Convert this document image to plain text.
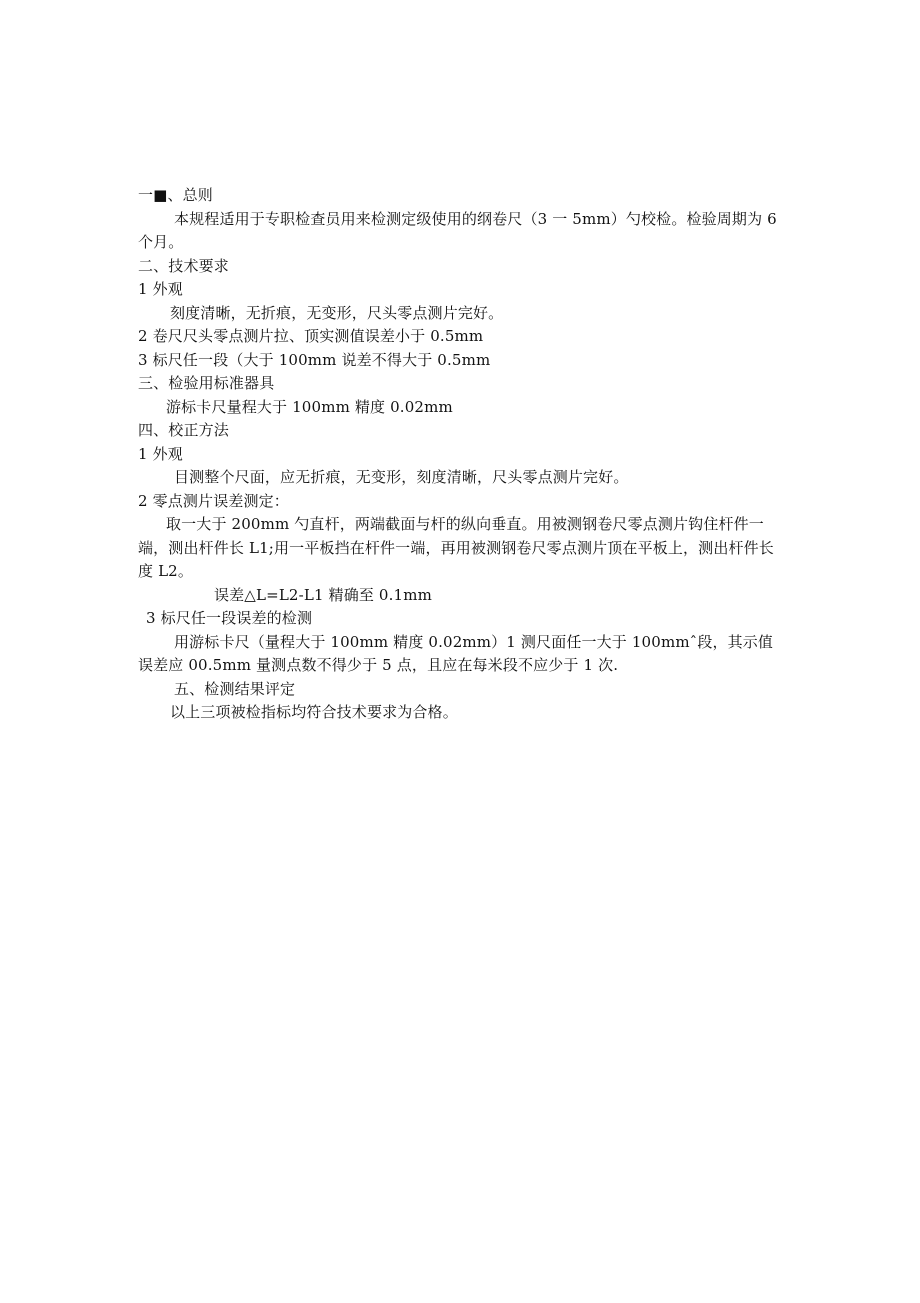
一■、总则
本规程适用于专职检查员用来检测定级使用的纲卷尺（3 一 5mm）勺校检。检验周期为 6 个月。
二、技术要求
1 外观
刻度清晰，无折痕，无变形，尺头零点测片完好。
2 卷尺尺头零点测片拉、顶实测值误差小于 0.5mm
3 标尺任一段（大于 100mm 说差不得大于 0.5mm
三、检验用标准器具
游标卡尺量程大于 100mm 精度 0.02mm
四、校正方法
1 外观
目测整个尺面，应无折痕，无变形，刻度清晰，尺头零点测片完好。
2 零点测片误差测定：
取一大于 200mm 勺直杆，两端截面与杆的纵向垂直。用被测钢卷尺零点测片钩住杆件一端，测出杆件长 L1;用一平板挡在杆件一端，再用被测钢卷尺零点测片顶在平板上，测出杆件长度 L2。
误差△L=L2-L1 精确至 0.1mm
3 标尺任一段误差的检测
用游标卡尺（量程大于 100mm 精度 0.02mm）1 测尺面任一大于 100mmˆ段，其示值误差应 00.5mm 量测点数不得少于 5 点，且应在每米段不应少于 1 次.
五、检测结果评定
以上三项被检指标均符合技术要求为合格。
